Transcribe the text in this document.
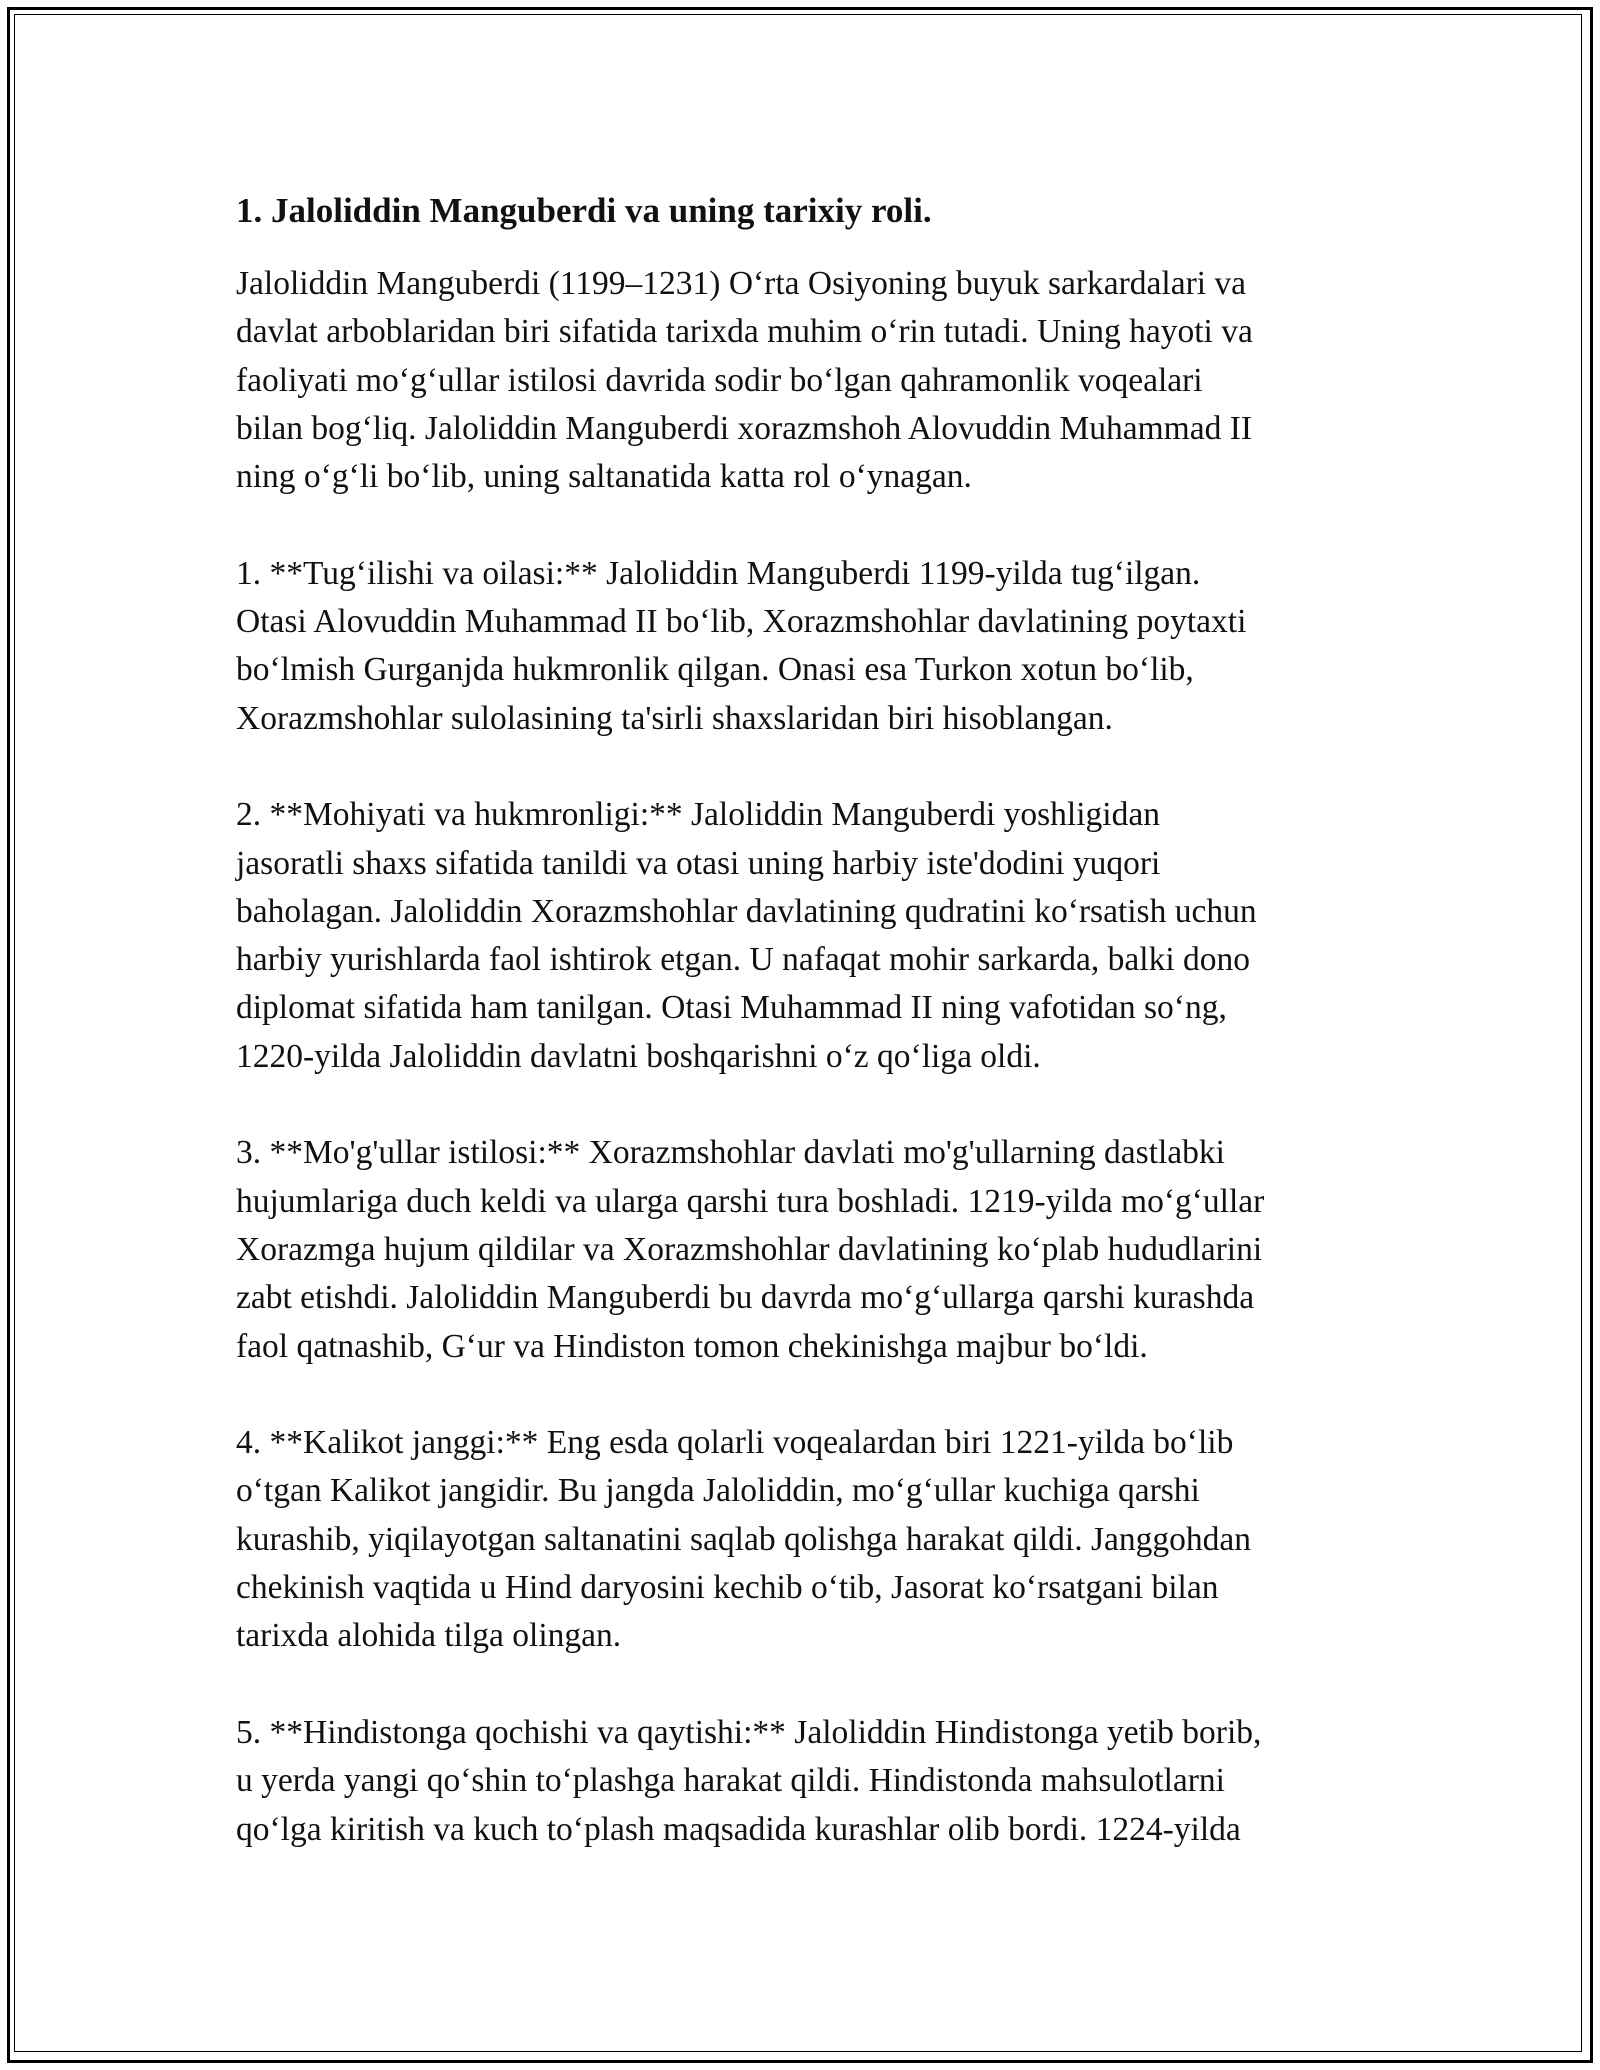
1. Jaloliddin Manguberdi va uning tarixiy roli.
Jaloliddin Manguberdi (1199–1231) O‘rta Osiyoning buyuk sarkardalari va
davlat arboblaridan biri sifatida tarixda muhim o‘rin tutadi. Uning hayoti va
faoliyati mo‘g‘ullar istilosi davrida sodir bo‘lgan qahramonlik voqealari
bilan bog‘liq. Jaloliddin Manguberdi xorazmshoh Alovuddin Muhammad II
ning o‘g‘li bo‘lib, uning saltanatida katta rol o‘ynagan.
1. **Tug‘ilishi va oilasi:** Jaloliddin Manguberdi 1199-yilda tug‘ilgan.
Otasi Alovuddin Muhammad II bo‘lib, Xorazmshohlar davlatining poytaxti
bo‘lmish Gurganjda hukmronlik qilgan. Onasi esa Turkon xotun bo‘lib,
Xorazmshohlar sulolasining ta'sirli shaxslaridan biri hisoblangan.
2. **Mohiyati va hukmronligi:** Jaloliddin Manguberdi yoshligidan
jasoratli shaxs sifatida tanildi va otasi uning harbiy iste'dodini yuqori
baholagan. Jaloliddin Xorazmshohlar davlatining qudratini ko‘rsatish uchun
harbiy yurishlarda faol ishtirok etgan. U nafaqat mohir sarkarda, balki dono
diplomat sifatida ham tanilgan. Otasi Muhammad II ning vafotidan so‘ng,
1220-yilda Jaloliddin davlatni boshqarishni o‘z qo‘liga oldi.
3. **Mo'g'ullar istilosi:** Xorazmshohlar davlati mo'g'ullarning dastlabki
hujumlariga duch keldi va ularga qarshi tura boshladi. 1219-yilda mo‘g‘ullar
Xorazmga hujum qildilar va Xorazmshohlar davlatining ko‘plab hududlarini
zabt etishdi. Jaloliddin Manguberdi bu davrda mo‘g‘ullarga qarshi kurashda
faol qatnashib, G‘ur va Hindiston tomon chekinishga majbur bo‘ldi.
4. **Kalikot janggi:** Eng esda qolarli voqealardan biri 1221-yilda bo‘lib
o‘tgan Kalikot jangidir. Bu jangda Jaloliddin, mo‘g‘ullar kuchiga qarshi
kurashib, yiqilayotgan saltanatini saqlab qolishga harakat qildi. Janggohdan
chekinish vaqtida u Hind daryosini kechib o‘tib, Jasorat ko‘rsatgani bilan
tarixda alohida tilga olingan.
5. **Hindistonga qochishi va qaytishi:** Jaloliddin Hindistonga yetib borib,
u yerda yangi qo‘shin to‘plashga harakat qildi. Hindistonda mahsulotlarni
qo‘lga kiritish va kuch to‘plash maqsadida kurashlar olib bordi. 1224-yilda
